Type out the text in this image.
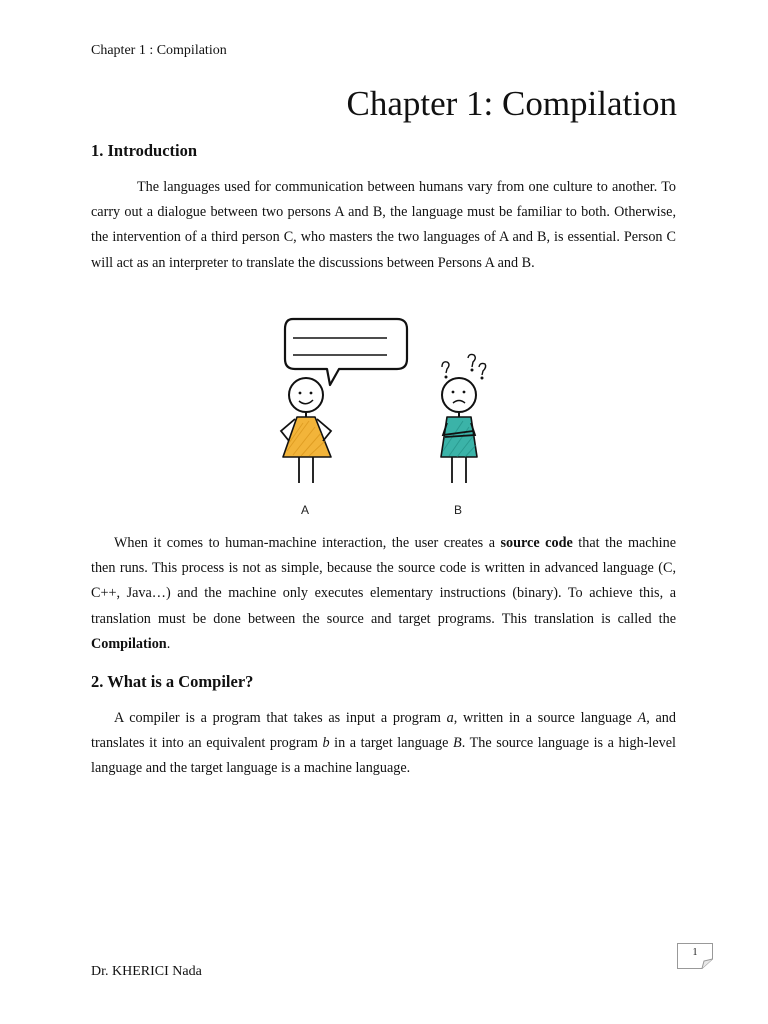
Chapter 1 : Compilation
Chapter 1: Compilation
1. Introduction

The languages used for communication between humans vary from one culture to another. To carry out a dialogue between two persons A and B, the language must be familiar to both. Otherwise, the intervention of a third person C, who masters the two languages of A and B, is essential. Person C will act as an interpreter to translate the discussions between Persons A and B.

A	B

When it comes to human-machine interaction, the user creates a source code that the machine then runs. This process is not as simple, because the source code is written in advanced language (C, C++, Java…) and the machine only executes elementary instructions (binary). To achieve this, a translation must be done between the source and target programs. This translation is called the Compilation.

2. What is a Compiler?

A compiler is a program that takes as input a program a, written in a source language A, and translates it into an equivalent program b in a target language B. The source language is a high-level language and the target language is a machine language.

1
Dr. KHERICI Nada
